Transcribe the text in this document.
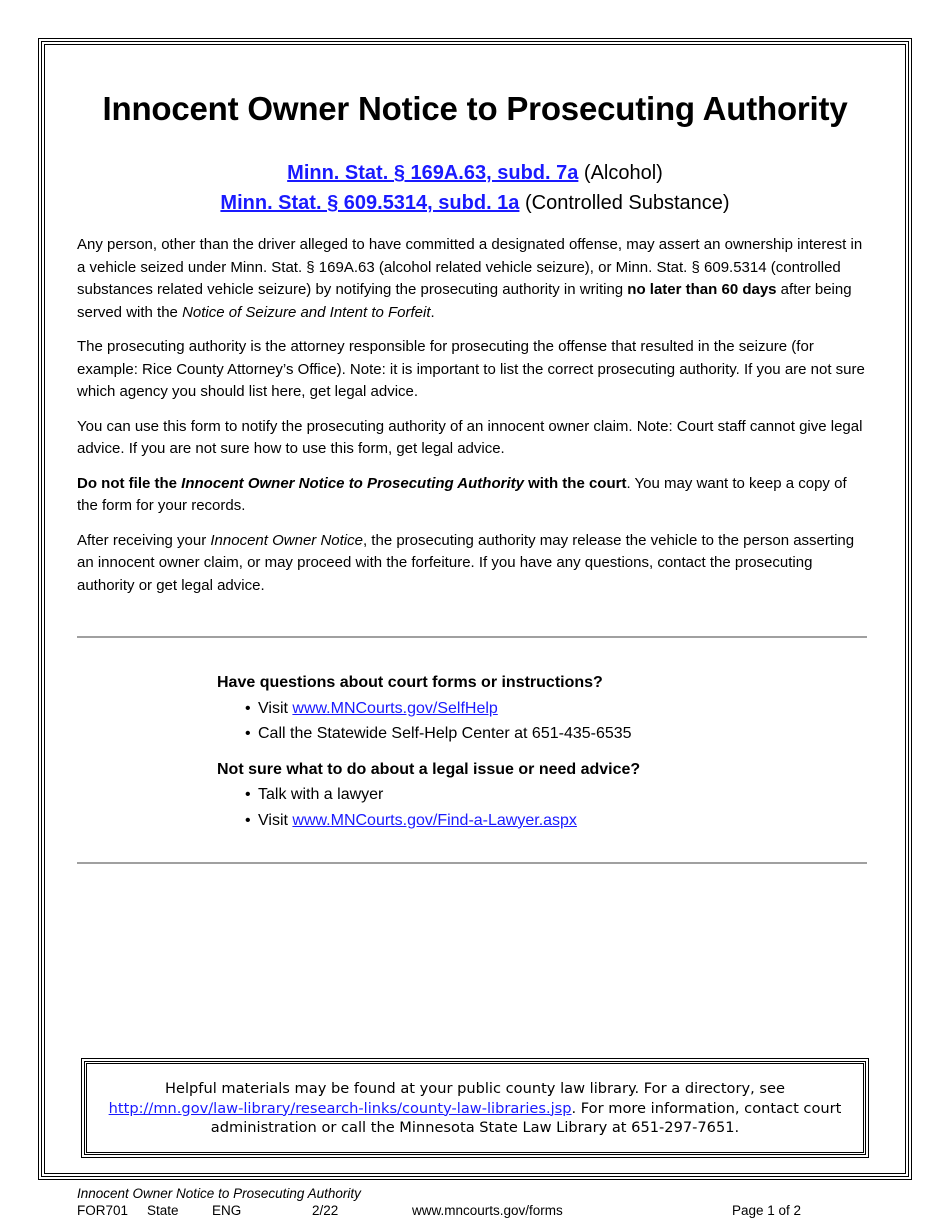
Innocent Owner Notice to Prosecuting Authority
Minn. Stat. § 169A.63, subd. 7a (Alcohol)
Minn. Stat. § 609.5314, subd. 1a (Controlled Substance)

Any person, other than the driver alleged to have committed a designated offense, may assert an ownership interest in a vehicle seized under Minn. Stat. § 169A.63 (alcohol related vehicle seizure), or Minn. Stat. § 609.5314 (controlled substances related vehicle seizure) by notifying the prosecuting authority in writing no later than 60 days after being served with the Notice of Seizure and Intent to Forfeit.

The prosecuting authority is the attorney responsible for prosecuting the offense that resulted in the seizure (for example: Rice County Attorney’s Office). Note: it is important to list the correct prosecuting authority. If you are not sure which agency you should list here, get legal advice.

You can use this form to notify the prosecuting authority of an innocent owner claim. Note: Court staff cannot give legal advice. If you are not sure how to use this form, get legal advice.

Do not file the Innocent Owner Notice to Prosecuting Authority with the court. You may want to keep a copy of the form for your records.

After receiving your Innocent Owner Notice, the prosecuting authority may release the vehicle to the person asserting an innocent owner claim, or may proceed with the forfeiture. If you have any questions, contact the prosecuting authority or get legal advice.

Have questions about court forms or instructions?
• Visit www.MNCourts.gov/SelfHelp
• Call the Statewide Self-Help Center at 651-435-6535
Not sure what to do about a legal issue or need advice?
• Talk with a lawyer
• Visit www.MNCourts.gov/Find-a-Lawyer.aspx
Helpful materials may be found at your public county law library. For a directory, see
http://mn.gov/law-library/research-links/county-law-libraries.jsp. For more information, contact court administration or call the Minnesota State Law Library at 651-297-7651.
Innocent Owner Notice to Prosecuting Authority
FOR701 State ENG	2/22	www.mncourts.gov/forms	Page 1 of 2
